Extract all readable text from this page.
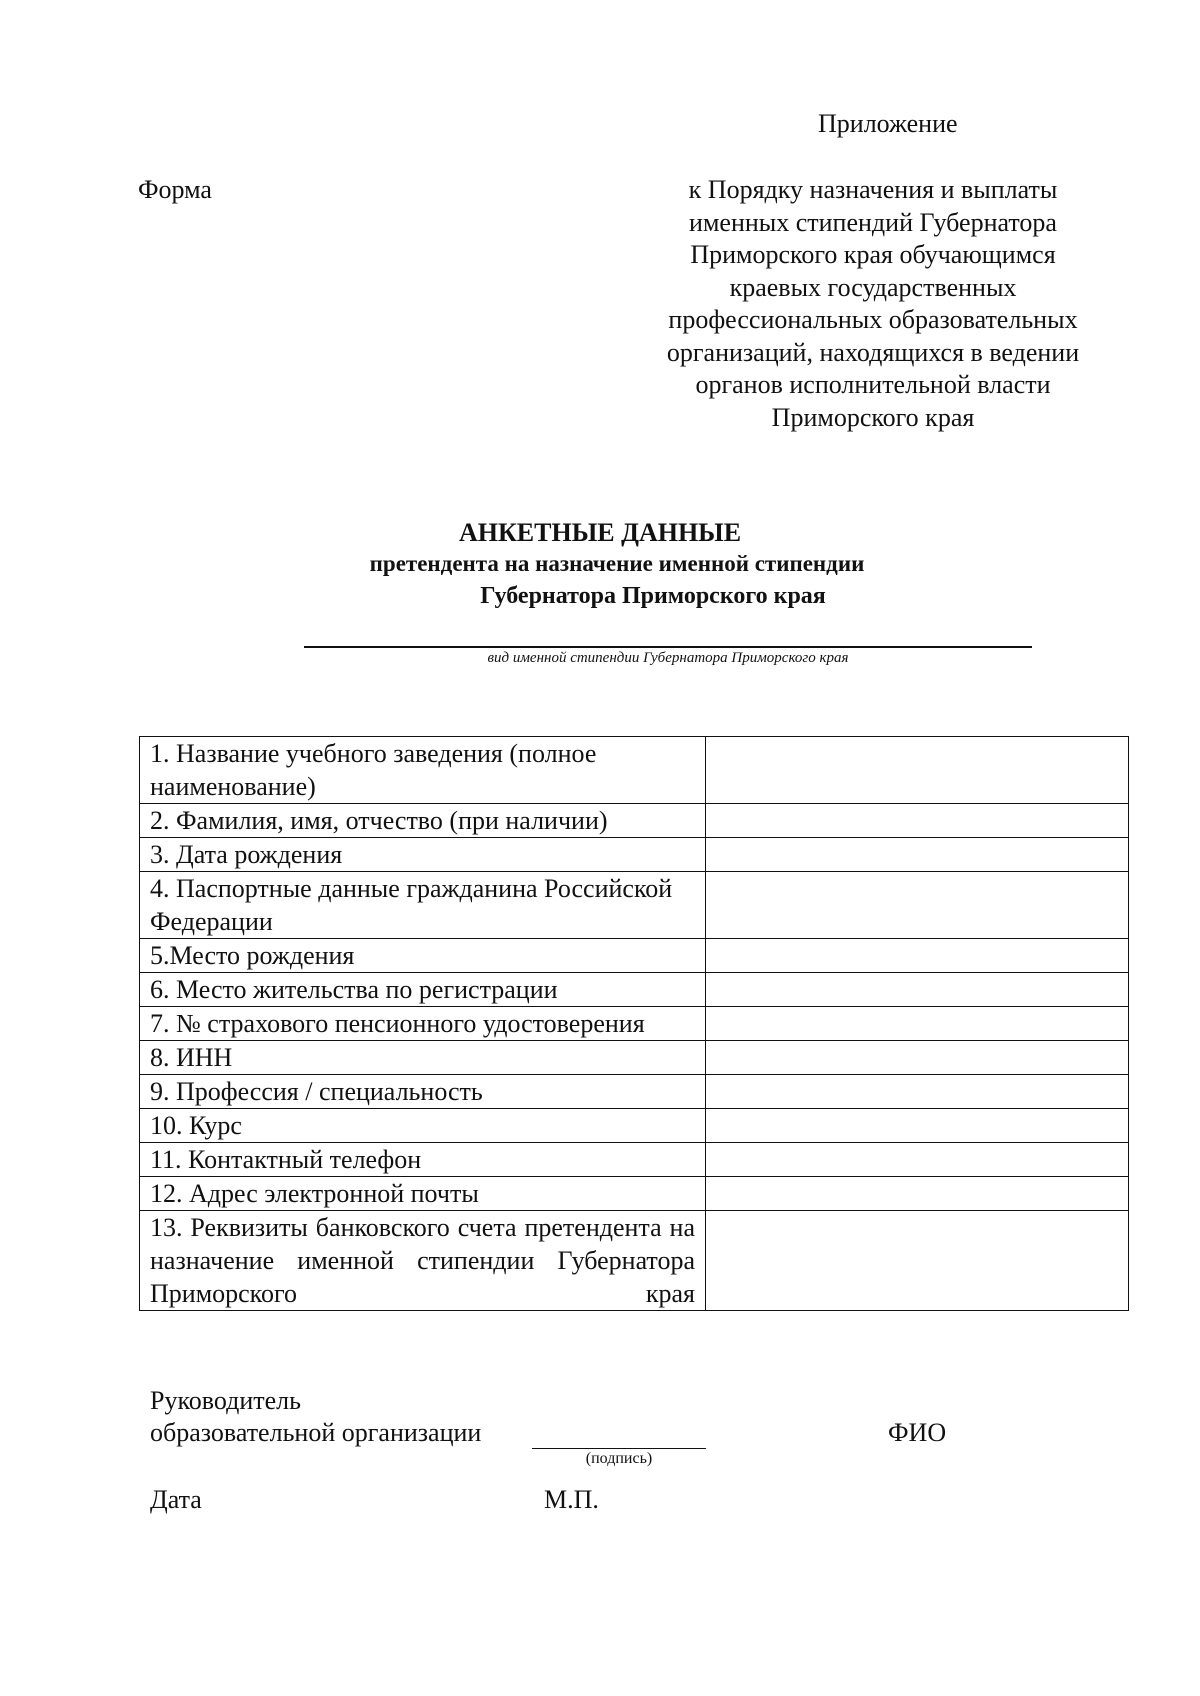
Приложение
Форма	к Порядку назначения и выплаты
именных стипендий Губернатора
Приморского края обучающимся
краевых государственных
профессиональных образовательных
организаций, находящихся в ведении
органов исполнительной власти
Приморского края
АНКЕТНЫЕ ДАННЫЕ
претендента на назначение именной стипендии
Губернатора Приморского края
вид именной стипендии Губернатора Приморского края
1. Название учебного заведения (полное наименование)	
2. Фамилия, имя, отчество (при наличии)	
3. Дата рождения	
4. Паспортные данные гражданина Российской Федерации	
5.Место рождения	
6. Место жительства по регистрации	
7. № страхового пенсионного удостоверения	
8. ИНН	
9. Профессия / специальность	
10. Курс	
11. Контактный телефон	
12. Адрес электронной почты	
13. Реквизиты банковского счета претендента на назначение именной стипендии Губернатора Приморского края	
Руководитель
образовательной организации
(подпись)
ФИО
Дата	М.П.
